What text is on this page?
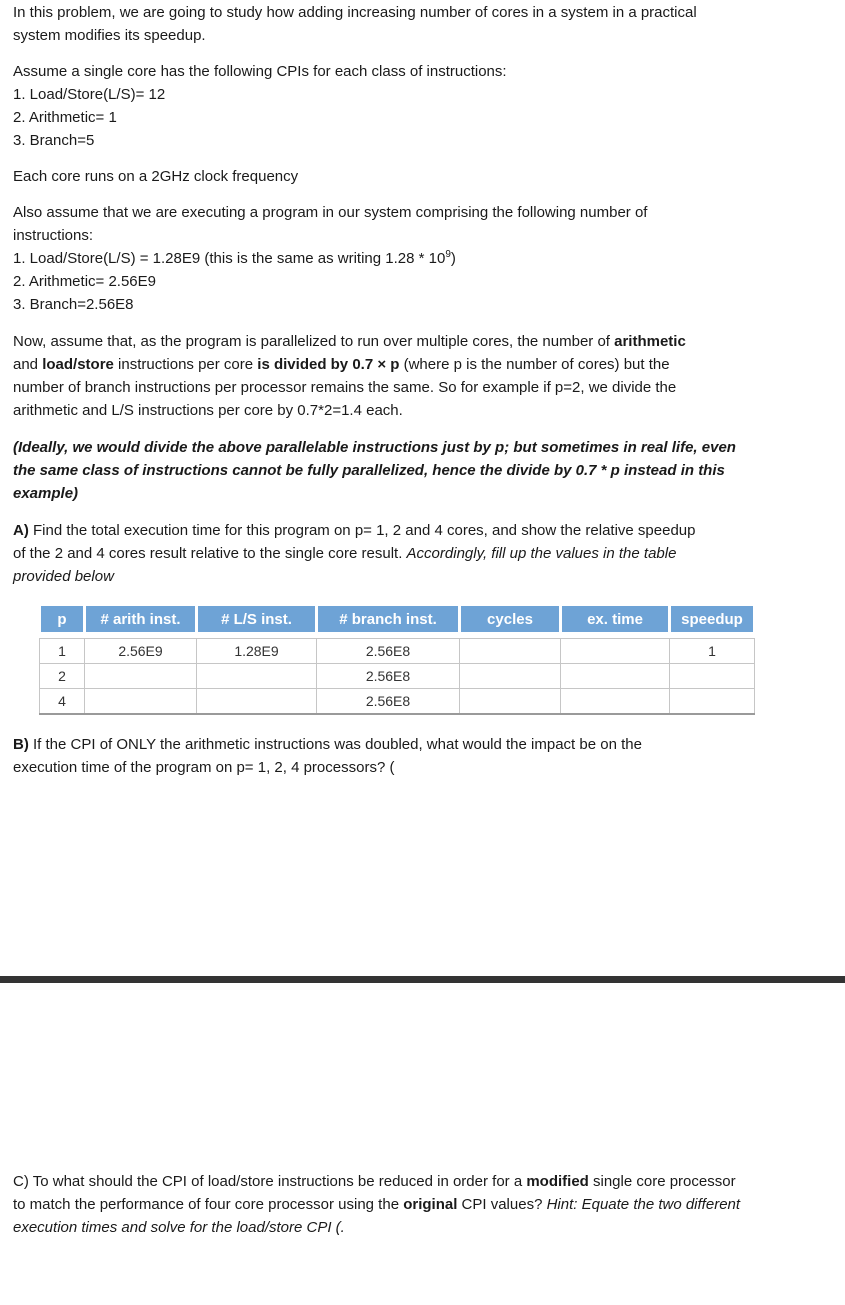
In this problem, we are going to study how adding increasing number of cores in a system in a practical
system modifies its speedup.
Assume a single core has the following CPIs for each class of instructions:
1. Load/Store(L/S)= 12
2. Arithmetic= 1
3. Branch=5
Each core runs on a 2GHz clock frequency
Also assume that we are executing a program in our system comprising the following number of
instructions:
1. Load/Store(L/S) = 1.28E9 (this is the same as writing $1.28 * 10^9$)
2. Arithmetic= 2.56E9
3. Branch=2.56E8
Now, assume that, as the program is parallelized to run over multiple cores, the number of arithmetic
and load/store instructions per core is divided by 0.7 × p (where p is the number of cores) but the
number of branch instructions per processor remains the same. So for example if p=2, we divide the
arithmetic and L/S instructions per core by 0.7*2=1.4 each.
(Ideally, we would divide the above parallelable instructions just by p; but sometimes in real life, even
the same class of instructions cannot be fully parallelized, hence the divide by 0.7 * p instead in this
example)
A) Find the total execution time for this program on p= 1, 2 and 4 cores, and show the relative speedup
of the 2 and 4 cores result relative to the single core result. Accordingly, fill up the values in the table
provided below
p	# arith inst.	# L/S inst.	# branch inst.	cycles	ex. time	speedup

1	2.56E9	1.28E9	2.56E8			1
2			2.56E8			
4			2.56E8			
B) If the CPI of ONLY the arithmetic instructions was doubled, what would the impact be on the
execution time of the program on p= 1, 2, 4 processors? (
C) To what should the CPI of load/store instructions be reduced in order for a modified single core processor
to match the performance of four core processor using the original CPI values? Hint: Equate the two different
execution times and solve for the load/store CPI (.
